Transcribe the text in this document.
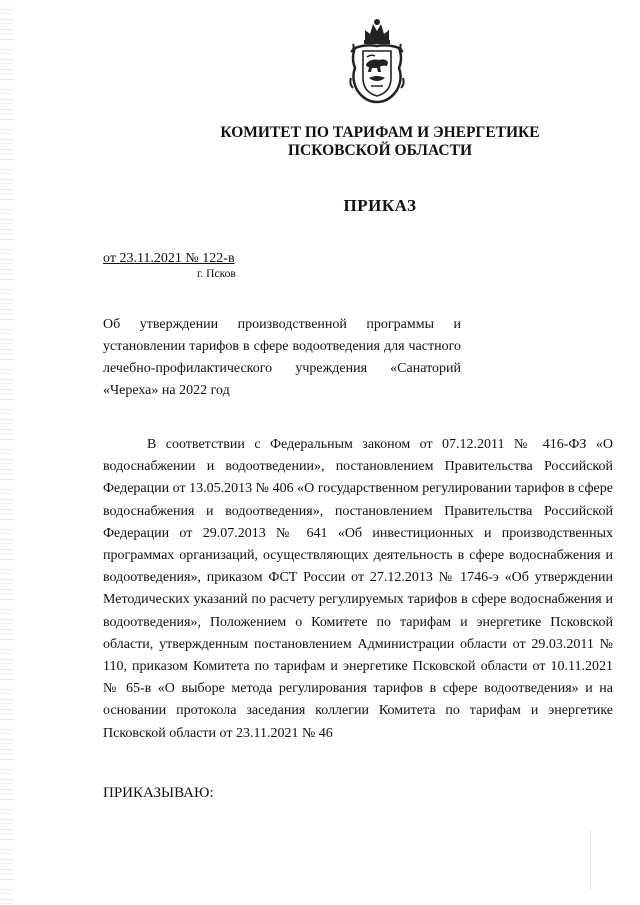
КОМИТЕТ ПО ТАРИФАМ И ЭНЕРГЕТИКЕ
ПСКОВСКОЙ ОБЛАСТИ
ПРИКАЗ
от 23.11.2021 № 122-в
г. Псков
Об утверждении производственной программы и установлении тарифов в сфере водоотведения для частного лечебно-профилактического учреждения «Санаторий «Череха» на 2022 год
В соответствии с Федеральным законом от 07.12.2011 № 416-ФЗ «О водоснабжении и водоотведении», постановлением Правительства Российской Федерации от 13.05.2013 № 406 «О государственном регулировании тарифов в сфере водоснабжения и водоотведения», постановлением Правительства Российской Федерации от 29.07.2013 № 641 «Об инвестиционных и производственных программах организаций, осуществляющих деятельность в сфере водоснабжения и водоотведения», приказом ФСТ России от 27.12.2013 № 1746-э «Об утверждении Методических указаний по расчету регулируемых тарифов в сфере водоснабжения и водоотведения», Положением о Комитете по тарифам и энергетике Псковской области, утвержденным постановлением Администрации области от 29.03.2011 № 110, приказом Комитета по тарифам и энергетике Псковской области от 10.11.2021 № 65-в «О выборе метода регулирования тарифов в сфере водоотведения» и на основании протокола заседания коллегии Комитета по тарифам и энергетике Псковской области от 23.11.2021 № 46
ПРИКАЗЫВАЮ:
